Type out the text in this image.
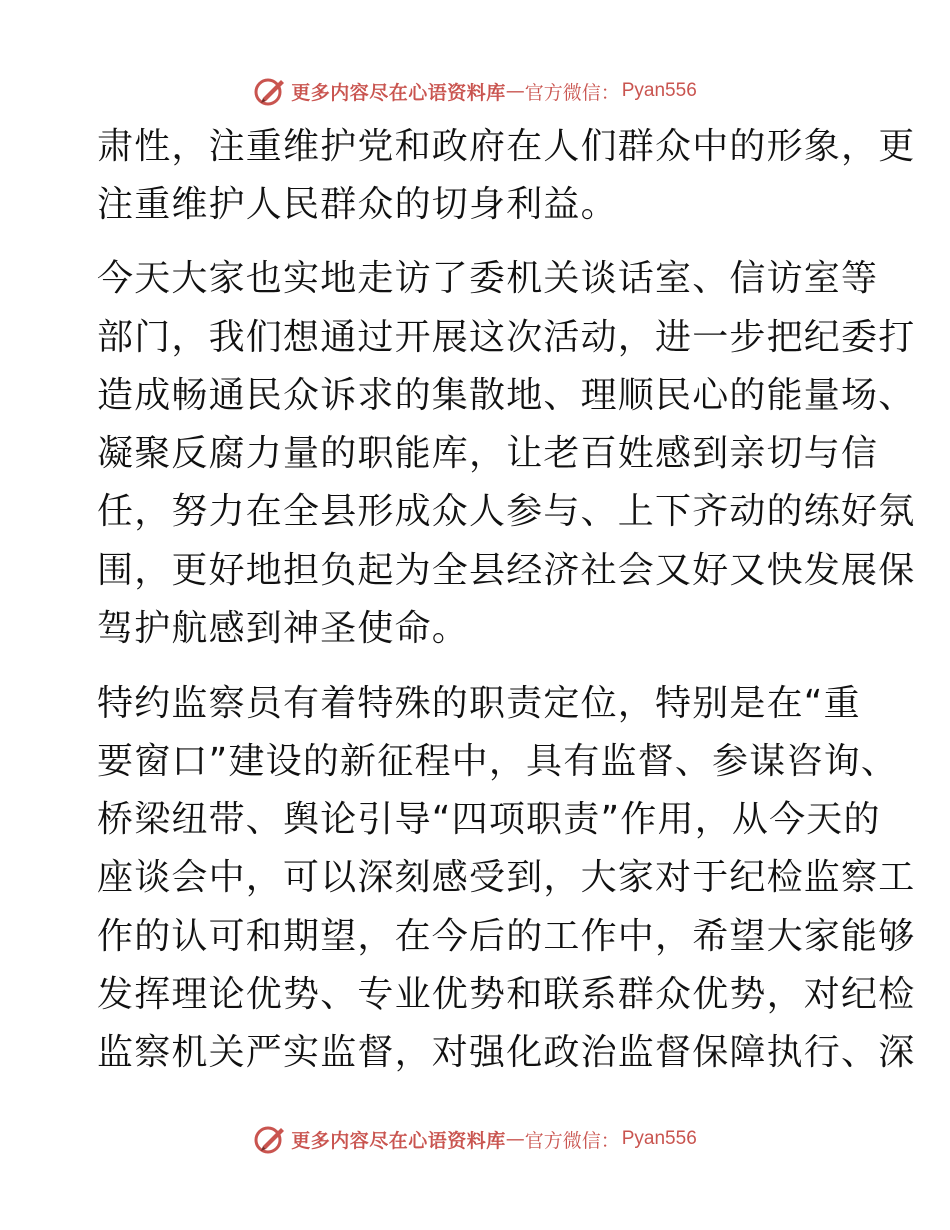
更多内容尽在心语资料库 — 官方微信： Pyan556
肃性，注重维护党和政府在人们群众中的形象，更
注重维护人民群众的切身利益。
今天大家也实地走访了委机关谈话室、信访室等
部门，我们想通过开展这次活动，进一步把纪委打
造成畅通民众诉求的集散地、理顺民心的能量场、
凝聚反腐力量的职能库，让老百姓感到亲切与信
任，努力在全县形成众人参与、上下齐动的练好氛
围，更好地担负起为全县经济社会又好又快发展保
驾护航感到神圣使命。
特约监察员有着特殊的职责定位，特别是在“重
要窗口”建设的新征程中，具有监督、参谋咨询、
桥梁纽带、舆论引导“四项职责”作用，从今天的
座谈会中，可以深刻感受到，大家对于纪检监察工
作的认可和期望，在今后的工作中，希望大家能够
发挥理论优势、专业优势和联系群众优势，对纪检
监察机关严实监督，对强化政治监督保障执行、深
更多内容尽在心语资料库 — 官方微信： Pyan556
